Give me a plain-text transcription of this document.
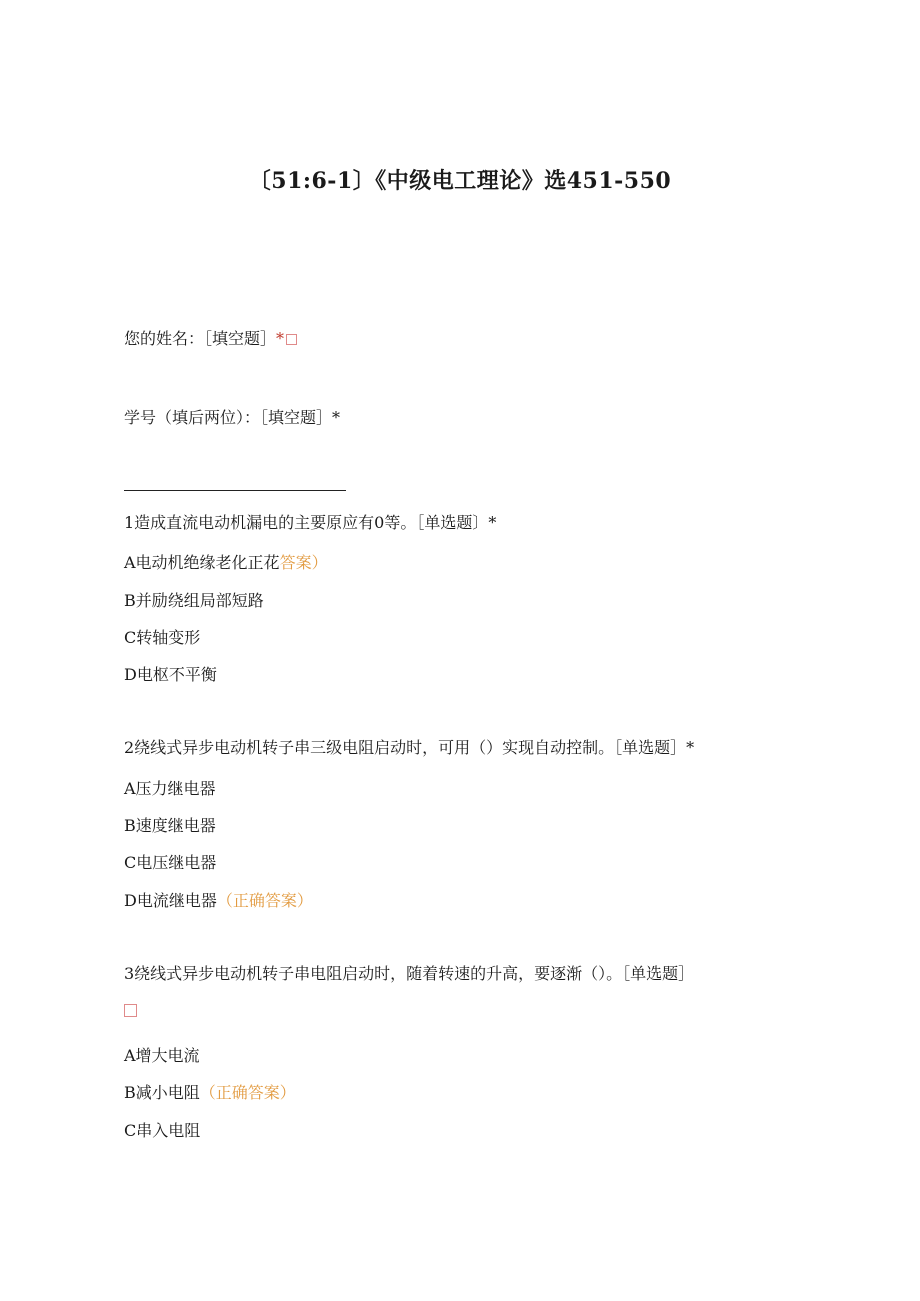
〔51:6-1〕《中级电工理论》选451-550
您的姓名：［填空题］*
学号（填后两位）：［填空题］*
1造成直流电动机漏电的主要原应有0等。［单选题〕*
A电动机绝缘老化正花答案）
B并励绕组局部短路
C转轴变形
D电枢不平衡
2绕线式异步电动机转子串三级电阻启动时，可用（）实现自动控制。［单选题］*
A压力继电器
B速度继电器
C电压继电器
D电流继电器（正确答案）
3绕线式异步电动机转子串电阻启动时，随着转速的升高，要逐渐（）。［单选题］
A增大电流
B减小电阻（正确答案）
C串入电阻
